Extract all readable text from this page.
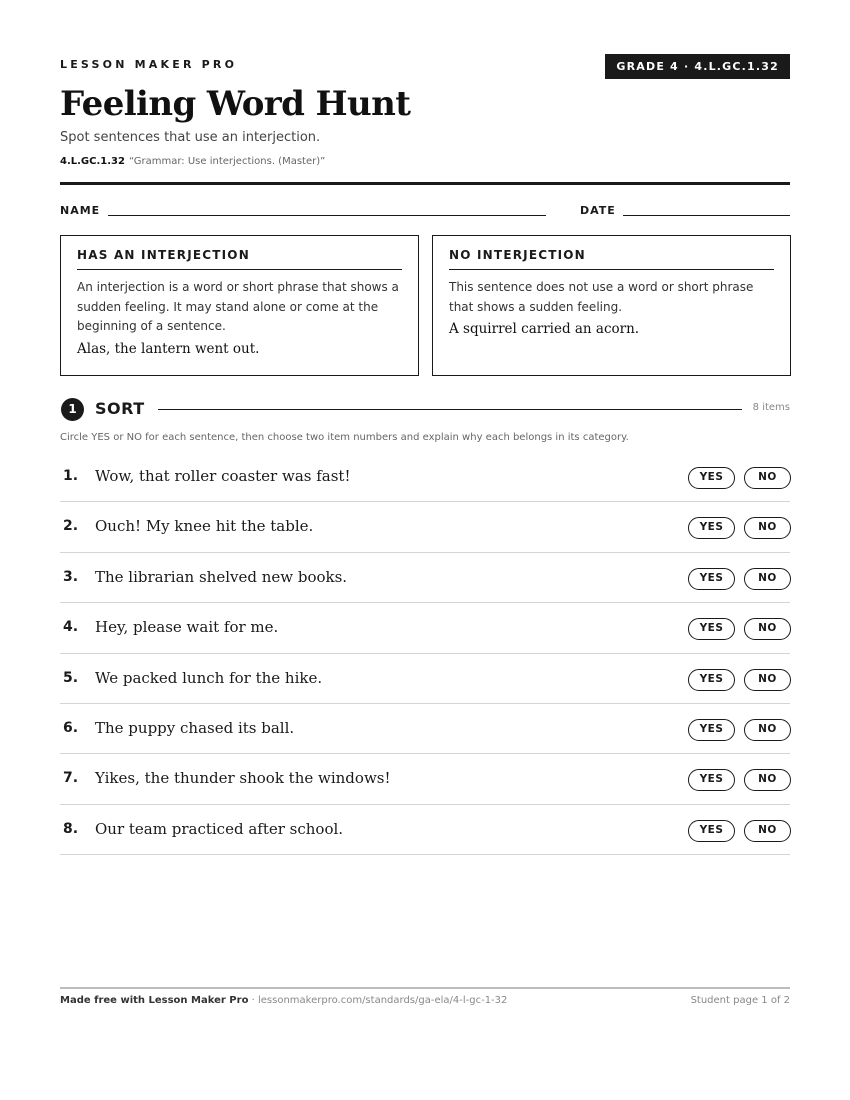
LESSON MAKER PRO	GRADE 4 · 4.L.GC.1.32
Feeling Word Hunt
Spot sentences that use an interjection.
4.L.GC.1.32 “Grammar: Use interjections. (Master)”
NAME	DATE
HAS AN INTERJECTION
An interjection is a word or short phrase that shows a sudden feeling. It may stand alone or come at the beginning of a sentence.
Alas, the lantern went out.
NO INTERJECTION
This sentence does not use a word or short phrase that shows a sudden feeling.
A squirrel carried an acorn.
1	SORT	8 items
Circle YES or NO for each sentence, then choose two item numbers and explain why each belongs in its category.
1. Wow, that roller coaster was fast!	YES	NO
2. Ouch! My knee hit the table.	YES	NO
3. The librarian shelved new books.	YES	NO
4. Hey, please wait for me.	YES	NO
5. We packed lunch for the hike.	YES	NO
6. The puppy chased its ball.	YES	NO
7. Yikes, the thunder shook the windows!	YES	NO
8. Our team practiced after school.	YES	NO
Made free with Lesson Maker Pro · lessonmakerpro.com/standards/ga-ela/4-l-gc-1-32	Student page 1 of 2
